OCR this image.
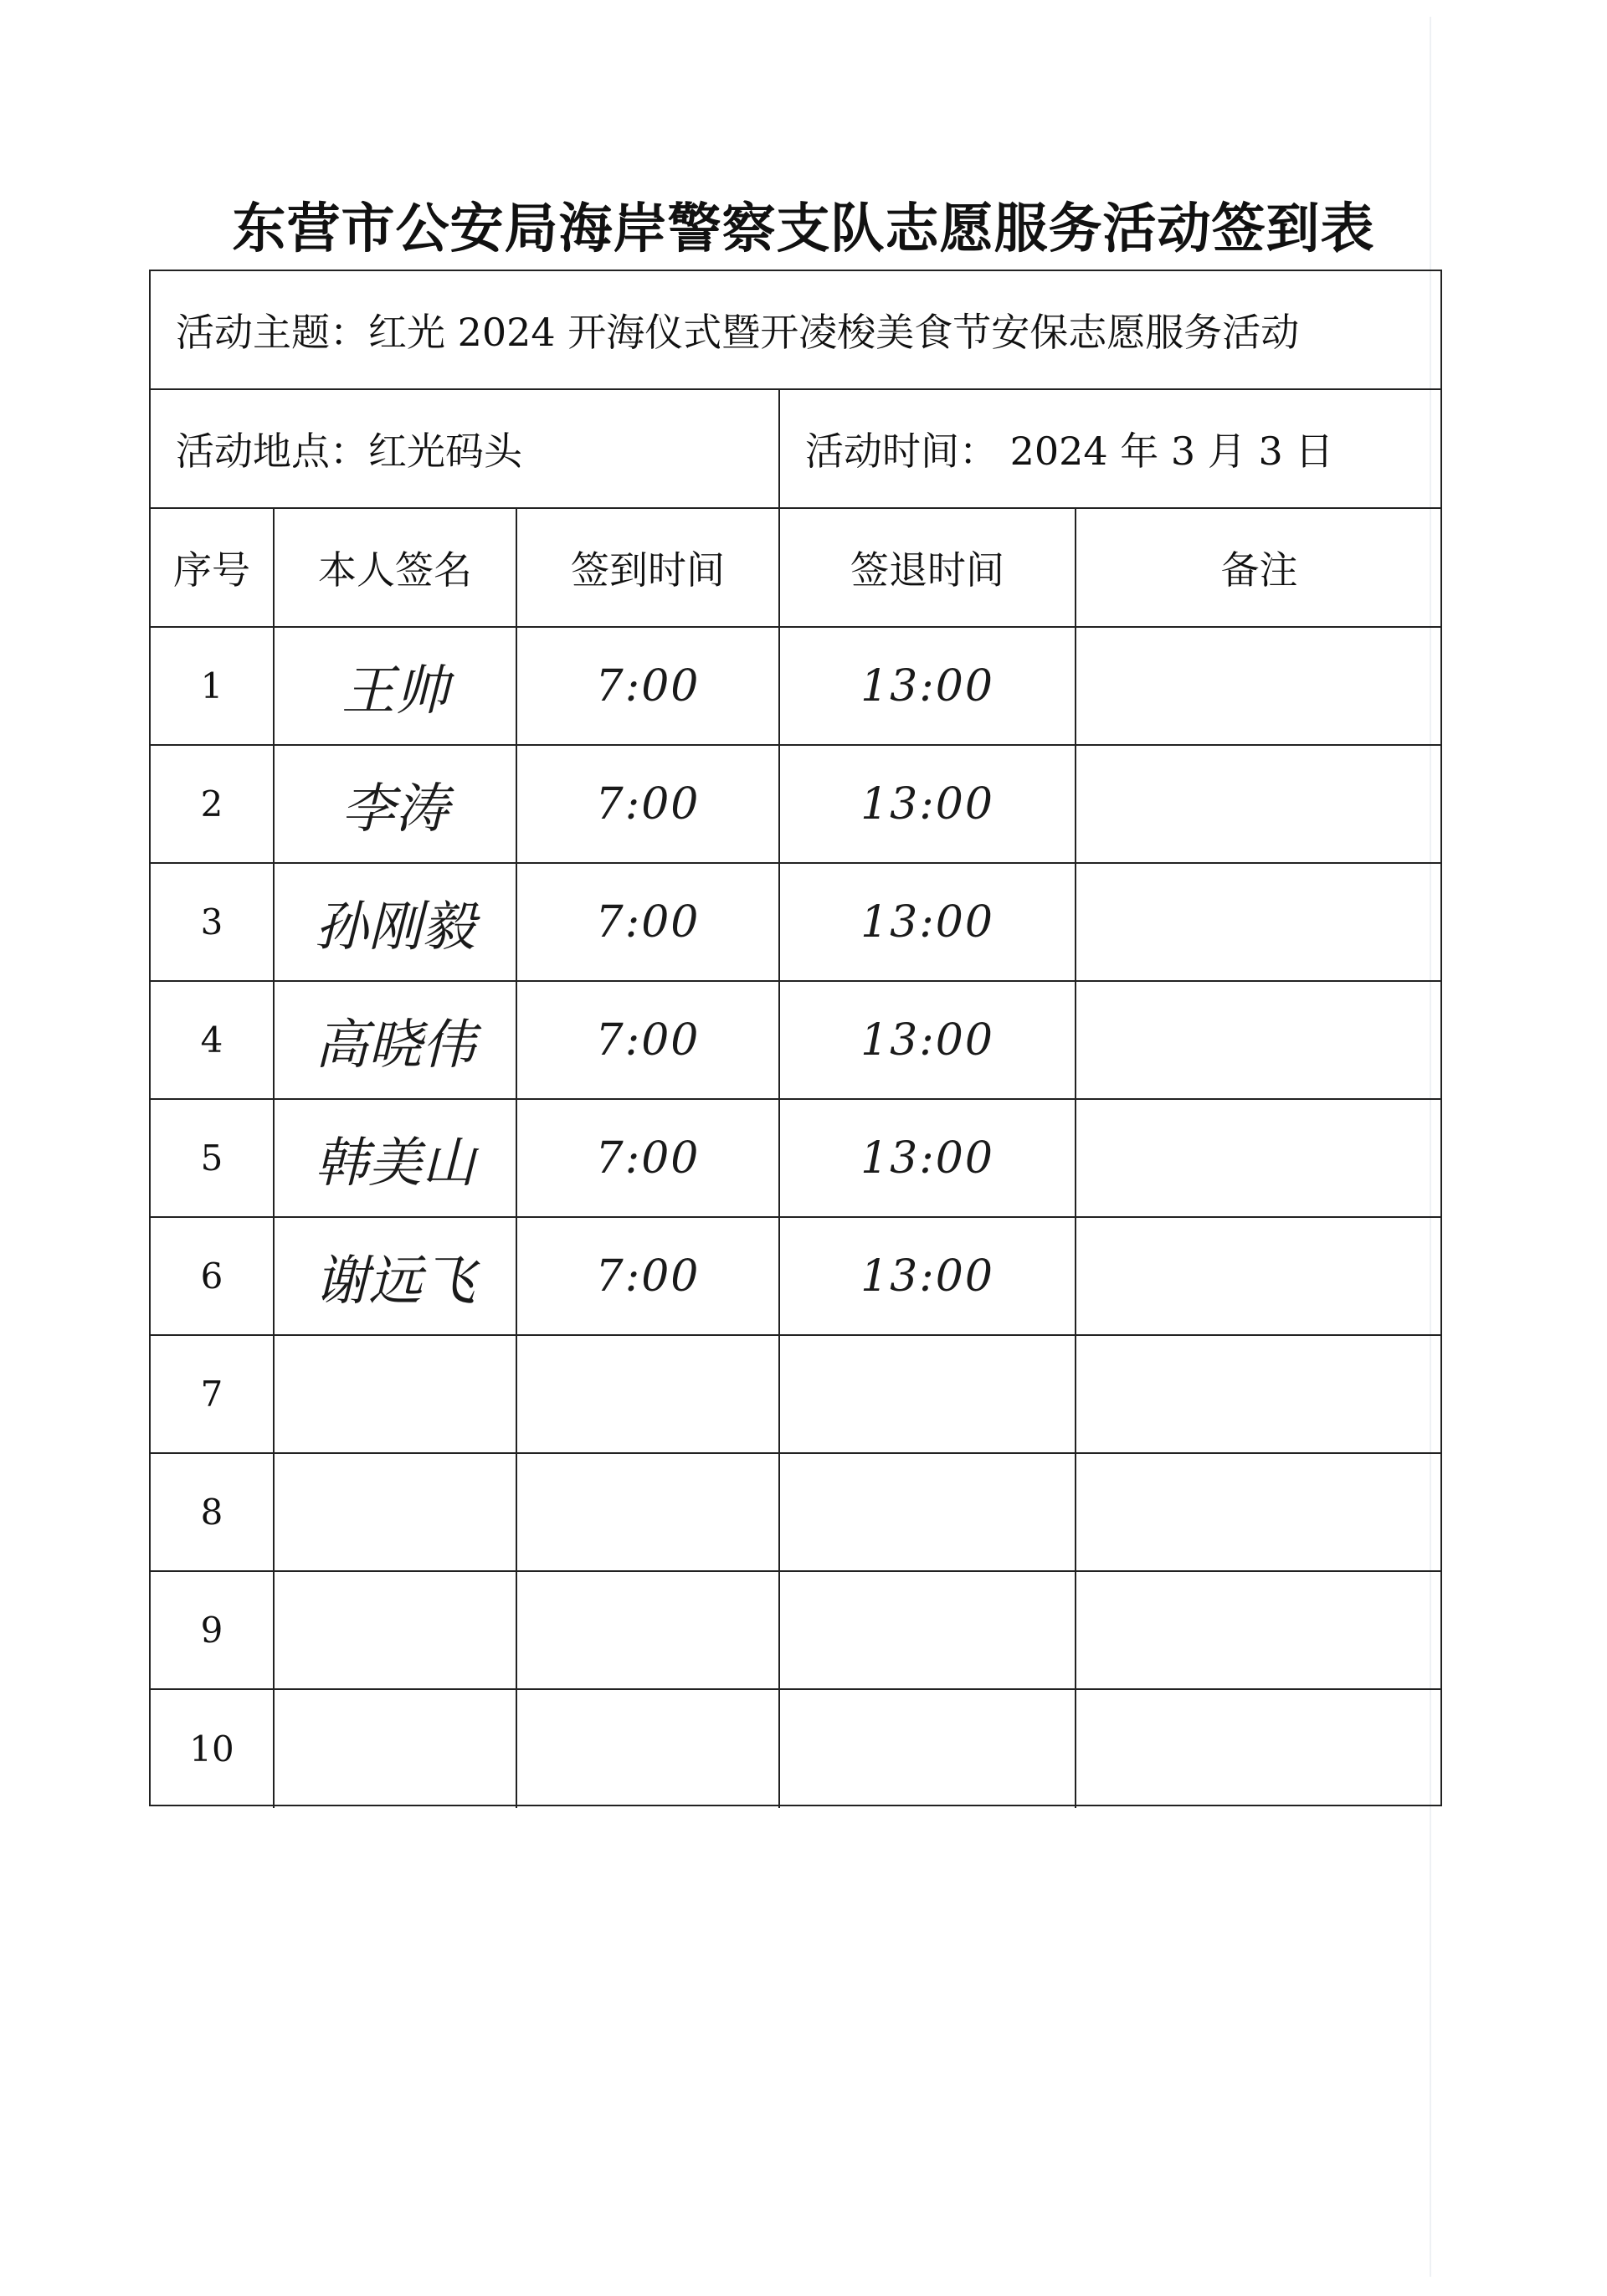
东营市公安局海岸警察支队志愿服务活动签到表
活动主题：红光 2024 开海仪式暨开凌梭美食节安保志愿服务活动
活动地点：红光码头	活动时间： 2024 年 3 月 3 日
序号	本人签名	签到时间	签退时间	备注
1 王帅	7:00	13:00
2 李涛	7:00	13:00
3 孙刚毅	7:00	13:00
4 高晓伟	7:00	13:00
5 韩美山	7:00	13:00
6 谢远飞	7:00	13:00
7
8
9
10
